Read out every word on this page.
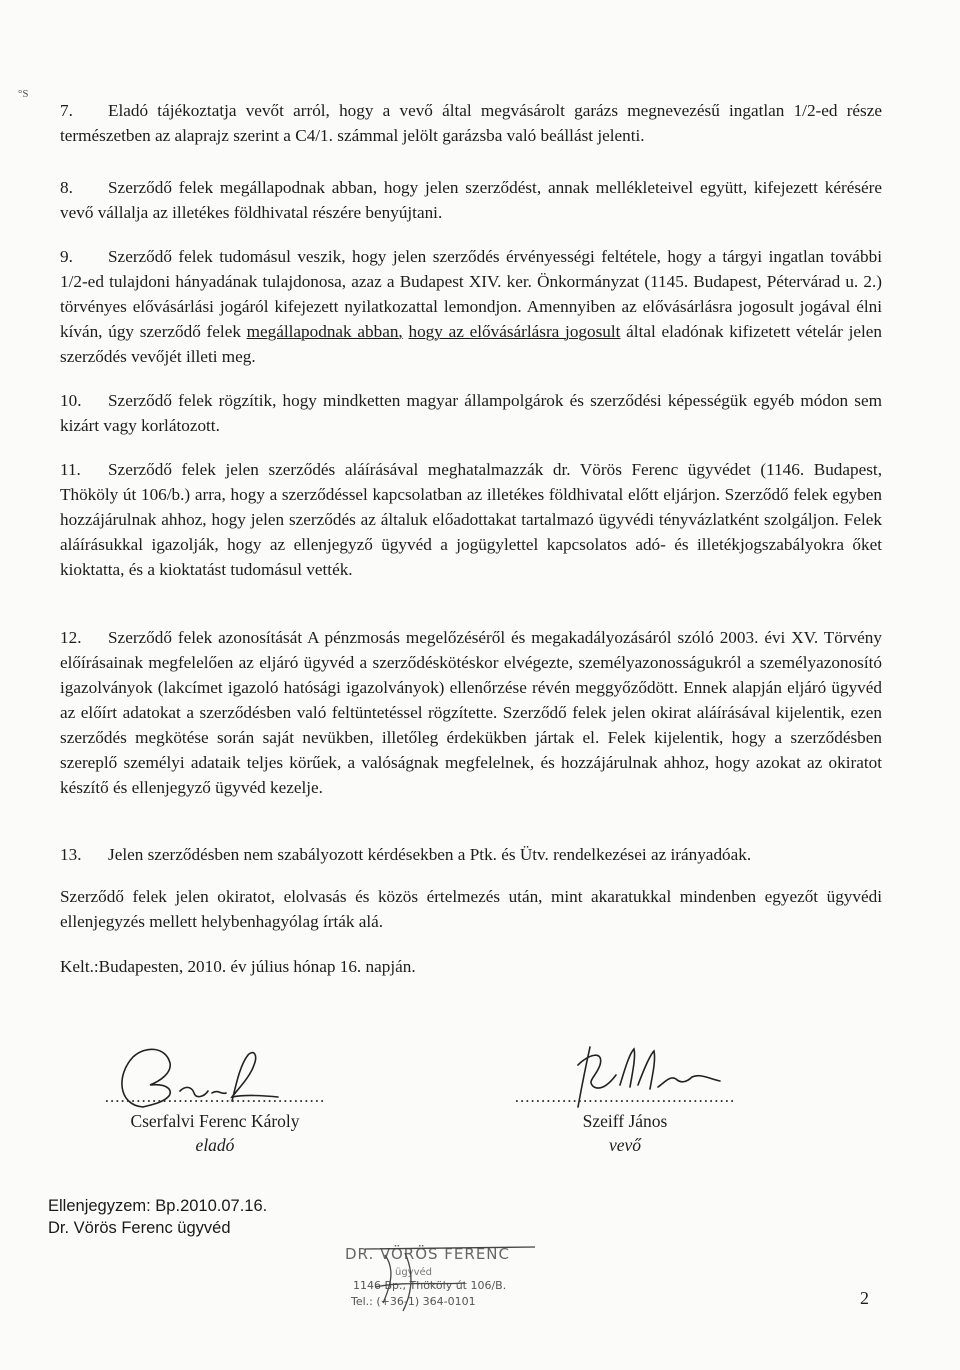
°S

7. Eladó tájékoztatja vevőt arról, hogy a vevő által megvásárolt garázs megnevezésű ingatlan 1/2-ed része természetben az alaprajz szerint a C4/1. számmal jelölt garázsba való beállást jelenti.

8. Szerződő felek megállapodnak abban, hogy jelen szerződést, annak mellékleteivel együtt, kifejezett kérésére vevő vállalja az illetékes földhivatal részére benyújtani.

9. Szerződő felek tudomásul veszik, hogy jelen szerződés érvényességi feltétele, hogy a tárgyi ingatlan további 1/2-ed tulajdoni hányadának tulajdonosa, azaz a Budapest XIV. ker. Önkormányzat (1145. Budapest, Pétervárad u. 2.) törvényes elővásárlási jogáról kifejezett nyilatkozattal lemondjon. Amennyiben az elővásárlásra jogosult jogával élni kíván, úgy szerződő felek megállapodnak abban, hogy az elővásárlásra jogosult által eladónak kifizetett vételár jelen szerződés vevőjét illeti meg.

10. Szerződő felek rögzítik, hogy mindketten magyar állampolgárok és szerződési képességük egyéb módon sem kizárt vagy korlátozott.

11. Szerződő felek jelen szerződés aláírásával meghatalmazzák dr. Vörös Ferenc ügyvédet (1146. Budapest, Thököly út 106/b.) arra, hogy a szerződéssel kapcsolatban az illetékes földhivatal előtt eljárjon. Szerződő felek egyben hozzájárulnak ahhoz, hogy jelen szerződés az általuk előadottakat tartalmazó ügyvédi tényvázlatként szolgáljon. Felek aláírásukkal igazolják, hogy az ellenjegyző ügyvéd a jogügylettel kapcsolatos adó- és illetékjogszabályokra őket kioktatta, és a kioktatást tudomásul vették.

12. Szerződő felek azonosítását A pénzmosás megelőzéséről és megakadályozásáról szóló 2003. évi XV. Törvény előírásainak megfelelően az eljáró ügyvéd a szerződéskötéskor elvégezte, személyazonosságukról a személyazonosító igazolványok (lakcímet igazoló hatósági igazolványok) ellenőrzése révén meggyőződött. Ennek alapján eljáró ügyvéd az előírt adatokat a szerződésben való feltüntetéssel rögzítette. Szerződő felek jelen okirat aláírásával kijelentik, ezen szerződés megkötése során saját nevükben, illetőleg érdekükben jártak el. Felek kijelentik, hogy a szerződésben szereplő személyi adataik teljes körűek, a valóságnak megfelelnek, és hozzájárulnak ahhoz, hogy azokat az okiratot készítő és ellenjegyző ügyvéd kezelje.

13. Jelen szerződésben nem szabályozott kérdésekben a Ptk. és Ütv. rendelkezései az irányadóak.

Szerződő felek jelen okiratot, elolvasás és közös értelmezés után, mint akaratukkal mindenben egyezőt ügyvédi ellenjegyzés mellett helybenhagyólag írták alá.

Kelt.:Budapesten, 2010. év július hónap 16. napján.

..........................................
Cserfalvi Ferenc Károly
eladó
..........................................
Szeiff János
vevő
Ellenjegyzem: Bp.2010.07.16.
Dr. Vörös Ferenc ügyvéd
DR. VÖRÖS FERENC
ügyvéd
1146 Bp., Thököly út 106/B.
Tel.: (+36-1) 364-0101	2
